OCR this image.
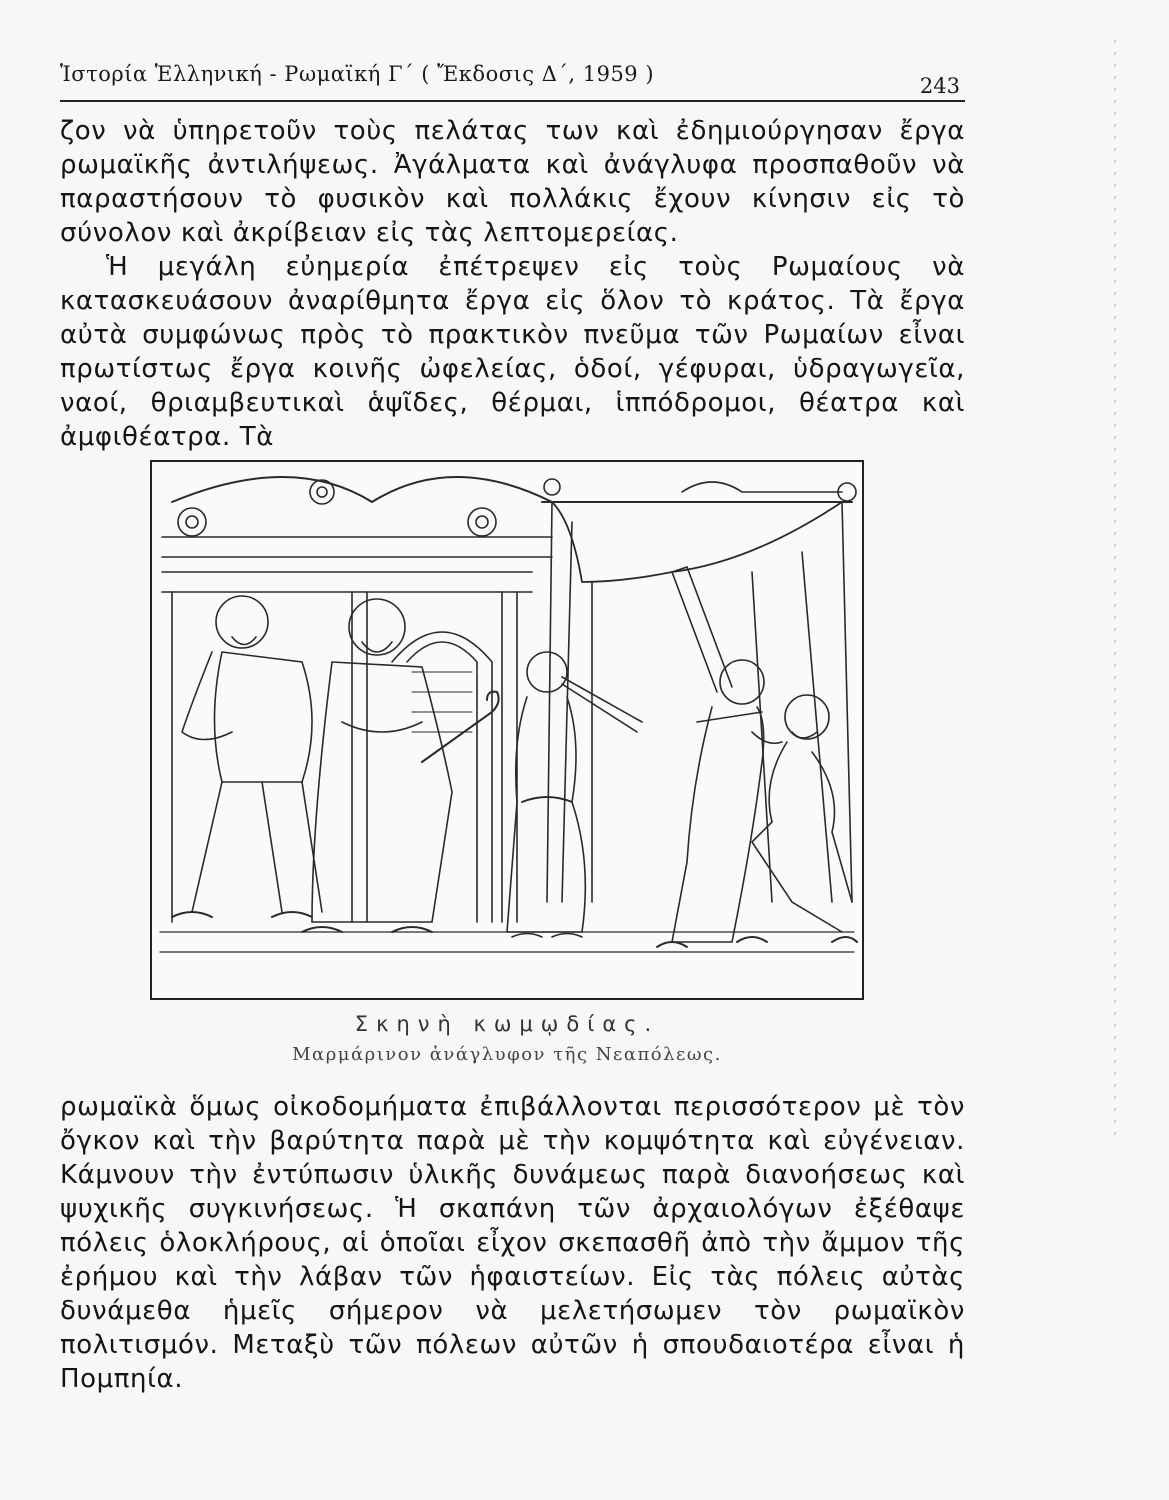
Ἱστορία Ἑλληνική - Ρωμαϊκή Γ΄ ( Ἔκδοσις Δ΄, 1959 )	243

ζον νὰ ὑπηρετοῦν τοὺς πελάτας των καὶ ἐδημιούργησαν ἔργα ρωμαϊκῆς ἀντιλήψεως. Ἀγάλματα καὶ ἀνάγλυφα προσπαθοῦν νὰ παραστήσουν τὸ φυσικὸν καὶ πολλάκις ἔχουν κίνησιν εἰς τὸ σύνολον καὶ ἀκρίβειαν εἰς τὰς λεπτομερείας.

Ἡ μεγάλη εὐημερία ἐπέτρεψεν εἰς τοὺς Ρωμαίους νὰ κατασκευάσουν ἀναρίθμητα ἔργα εἰς ὅλον τὸ κράτος. Τὰ ἔργα αὐτὰ συμφώνως πρὸς τὸ πρακτικὸν πνεῦμα τῶν Ρωμαίων εἶναι πρωτίστως ἔργα κοινῆς ὠφελείας, ὁδοί, γέφυραι, ὑδραγωγεῖα, ναοί, θριαμβευτικαὶ ἁψῖδες, θέρμαι, ἱππόδρομοι, θέατρα καὶ ἀμφιθέατρα. Τὰ

Σκηνὴ κωμῳδίας.
Μαρμάρινον ἀνάγλυφον τῆς Νεαπόλεως.

ρωμαϊκὰ ὅμως οἰκοδομήματα ἐπιβάλλονται περισσότερον μὲ τὸν ὄγκον καὶ τὴν βαρύτητα παρὰ μὲ τὴν κομψότητα καὶ εὐγένειαν. Κάμνουν τὴν ἐντύπωσιν ὑλικῆς δυνάμεως παρὰ διανοήσεως καὶ ψυχικῆς συγκινήσεως. Ἡ σκαπάνη τῶν ἀρχαιολόγων ἐξέθαψε πόλεις ὁλοκλήρους, αἱ ὁποῖαι εἶχον σκεπασθῆ ἀπὸ τὴν ἄμμον τῆς ἐρήμου καὶ τὴν λάβαν τῶν ἡφαιστείων. Εἰς τὰς πόλεις αὐτὰς δυνάμεθα ἡμεῖς σήμερον νὰ μελετήσωμεν τὸν ρωμαϊκὸν πολιτισμόν. Μεταξὺ τῶν πόλεων αὐτῶν ἡ σπουδαιοτέρα εἶναι ἡ Πομπηία.
